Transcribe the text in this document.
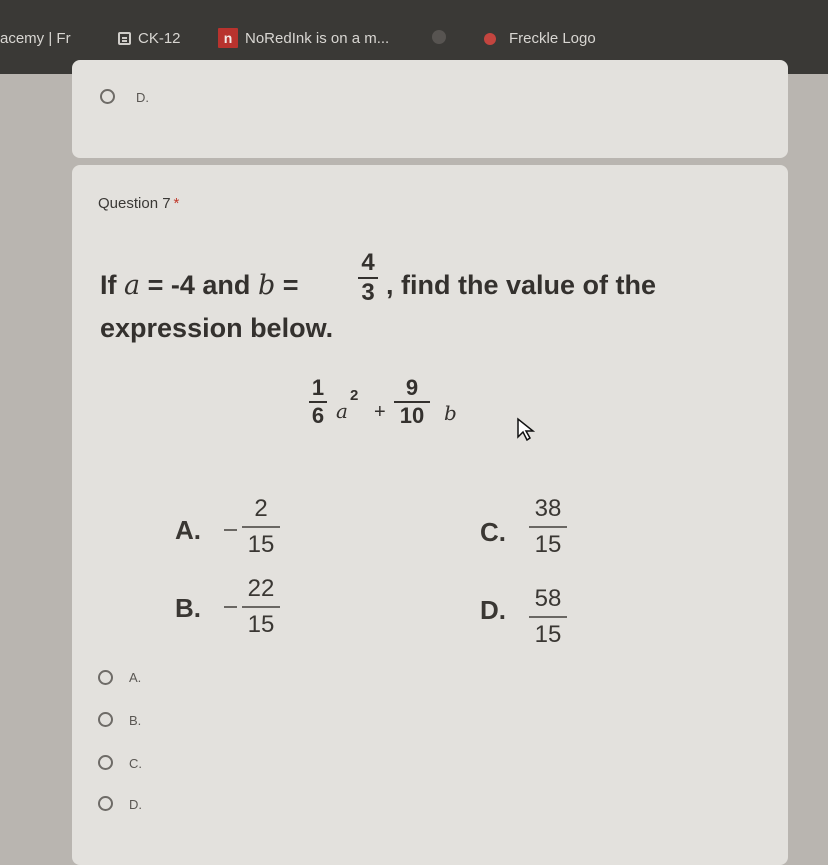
acemy | Fr	CK-12	n NoRedInk is on a m...	Freckle Logo
D.
Question 7 *
If a = -4 and b =
4
3 , find the value of the
expression below.
1
6 a
2
+
9
10 b
A.
2
15
B.
22
15
C.
38
15
D. 58
15
A.
B.
C.
D.
